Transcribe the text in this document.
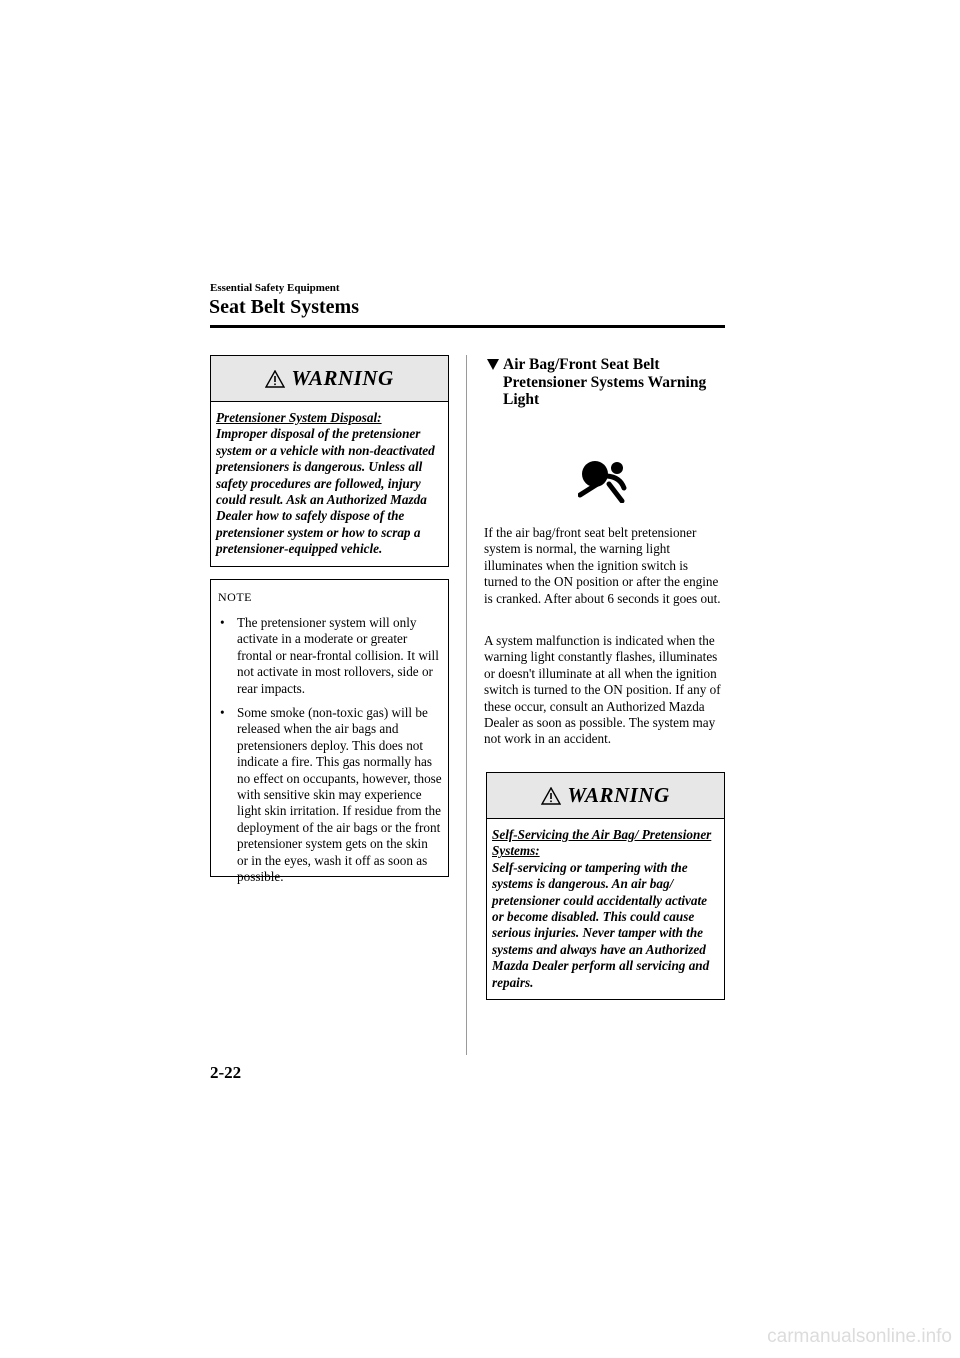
Essential Safety Equipment
Seat Belt Systems
WARNING
Pretensioner System Disposal:
Improper disposal of the pretensioner system or a vehicle with non-deactivated pretensioners is dangerous. Unless all safety procedures are followed, injury could result. Ask an Authorized Mazda Dealer how to safely dispose of the pretensioner system or how to scrap a pretensioner-equipped vehicle.
NOTE
• The pretensioner system will only activate in a moderate or greater frontal or near-frontal collision. It will not activate in most rollovers, side or rear impacts.
• Some smoke (non-toxic gas) will be released when the air bags and pretensioners deploy. This does not indicate a fire. This gas normally has no effect on occupants, however, those with sensitive skin may experience light skin irritation. If residue from the deployment of the air bags or the front pretensioner system gets on the skin or in the eyes, wash it off as soon as possible.
Air Bag/Front Seat Belt Pretensioner Systems Warning Light
If the air bag/front seat belt pretensioner system is normal, the warning light illuminates when the ignition switch is turned to the ON position or after the engine is cranked. After about 6 seconds it goes out.
A system malfunction is indicated when the warning light constantly flashes, illuminates or doesn't illuminate at all when the ignition switch is turned to the ON position. If any of these occur, consult an Authorized Mazda Dealer as soon as possible. The system may not work in an accident.
WARNING
Self-Servicing the Air Bag/ Pretensioner Systems:
Self-servicing or tampering with the systems is dangerous. An air bag/ pretensioner could accidentally activate or become disabled. This could cause serious injuries. Never tamper with the systems and always have an Authorized Mazda Dealer perform all servicing and repairs.
2-22
carmanualsonline.info
